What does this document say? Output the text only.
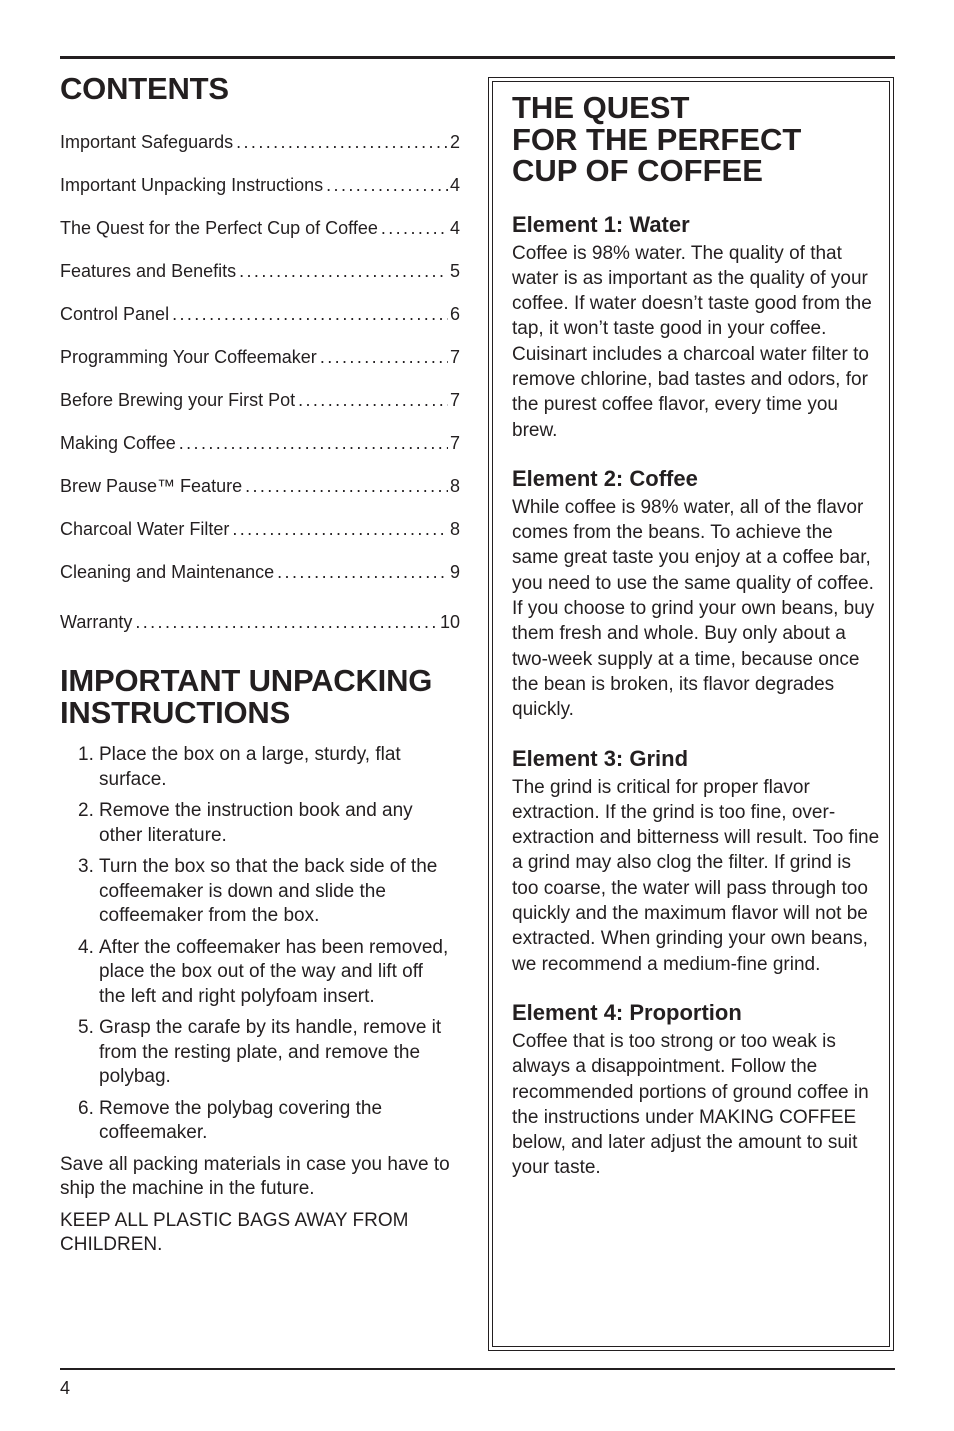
CONTENTS
Important Safeguards . . .	2
Important Unpacking Instructions . . .	4
The Quest for the Perfect Cup of Coffee . . .	4
Features and Benefits . . .	5
Control Panel . . .	6
Programming Your Coffeemaker . . .	7
Before Brewing your First Pot . . .	7
Making Coffee . . .	7
Brew Pause™ Feature . . .	8
Charcoal Water Filter . . .	8
Cleaning and Maintenance . . .	9
Warranty . . .	10
IMPORTANT UNPACKING
INSTRUCTIONS
1. Place the box on a large, sturdy, flat surface.
2. Remove the instruction book and any other literature.
3. Turn the box so that the back side of the coffeemaker is down and slide the coffeemaker from the box.
4. After the coffeemaker has been removed, place the box out of the way and lift off the left and right polyfoam insert.
5. Grasp the carafe by its handle, remove it from the resting plate, and remove the polybag.
6. Remove the polybag covering the coffeemaker.

Save all packing materials in case you have to ship the machine in the future.

KEEP ALL PLASTIC BAGS AWAY FROM CHILDREN.

THE QUEST
FOR THE PERFECT
CUP OF COFFEE
Element 1: Water

Coffee is 98% water. The quality of that water is as important as the quality of your coffee. If water doesn’t taste good from the tap, it won’t taste good in your coffee. Cuisinart includes a charcoal water filter to remove chlorine, bad tastes and odors, for the purest coffee flavor, every time you brew.

Element 2: Coffee

While coffee is 98% water, all of the flavor comes from the beans. To achieve the same great taste you enjoy at a coffee bar, you need to use the same quality of coffee. If you choose to grind your own beans, buy them fresh and whole. Buy only about a two-week supply at a time, because once the bean is broken, its flavor degrades quickly.

Element 3: Grind

The grind is critical for proper flavor extraction. If the grind is too fine, over-extraction and bitterness will result. Too fine a grind may also clog the filter. If grind is too coarse, the water will pass through too quickly and the maximum flavor will not be extracted. When grinding your own beans, we recommend a medium-fine grind.

Element 4: Proportion

Coffee that is too strong or too weak is always a disappointment. Follow the recommended portions of ground coffee in the instructions under MAKING COFFEE below, and later adjust the amount to suit your taste.

4
